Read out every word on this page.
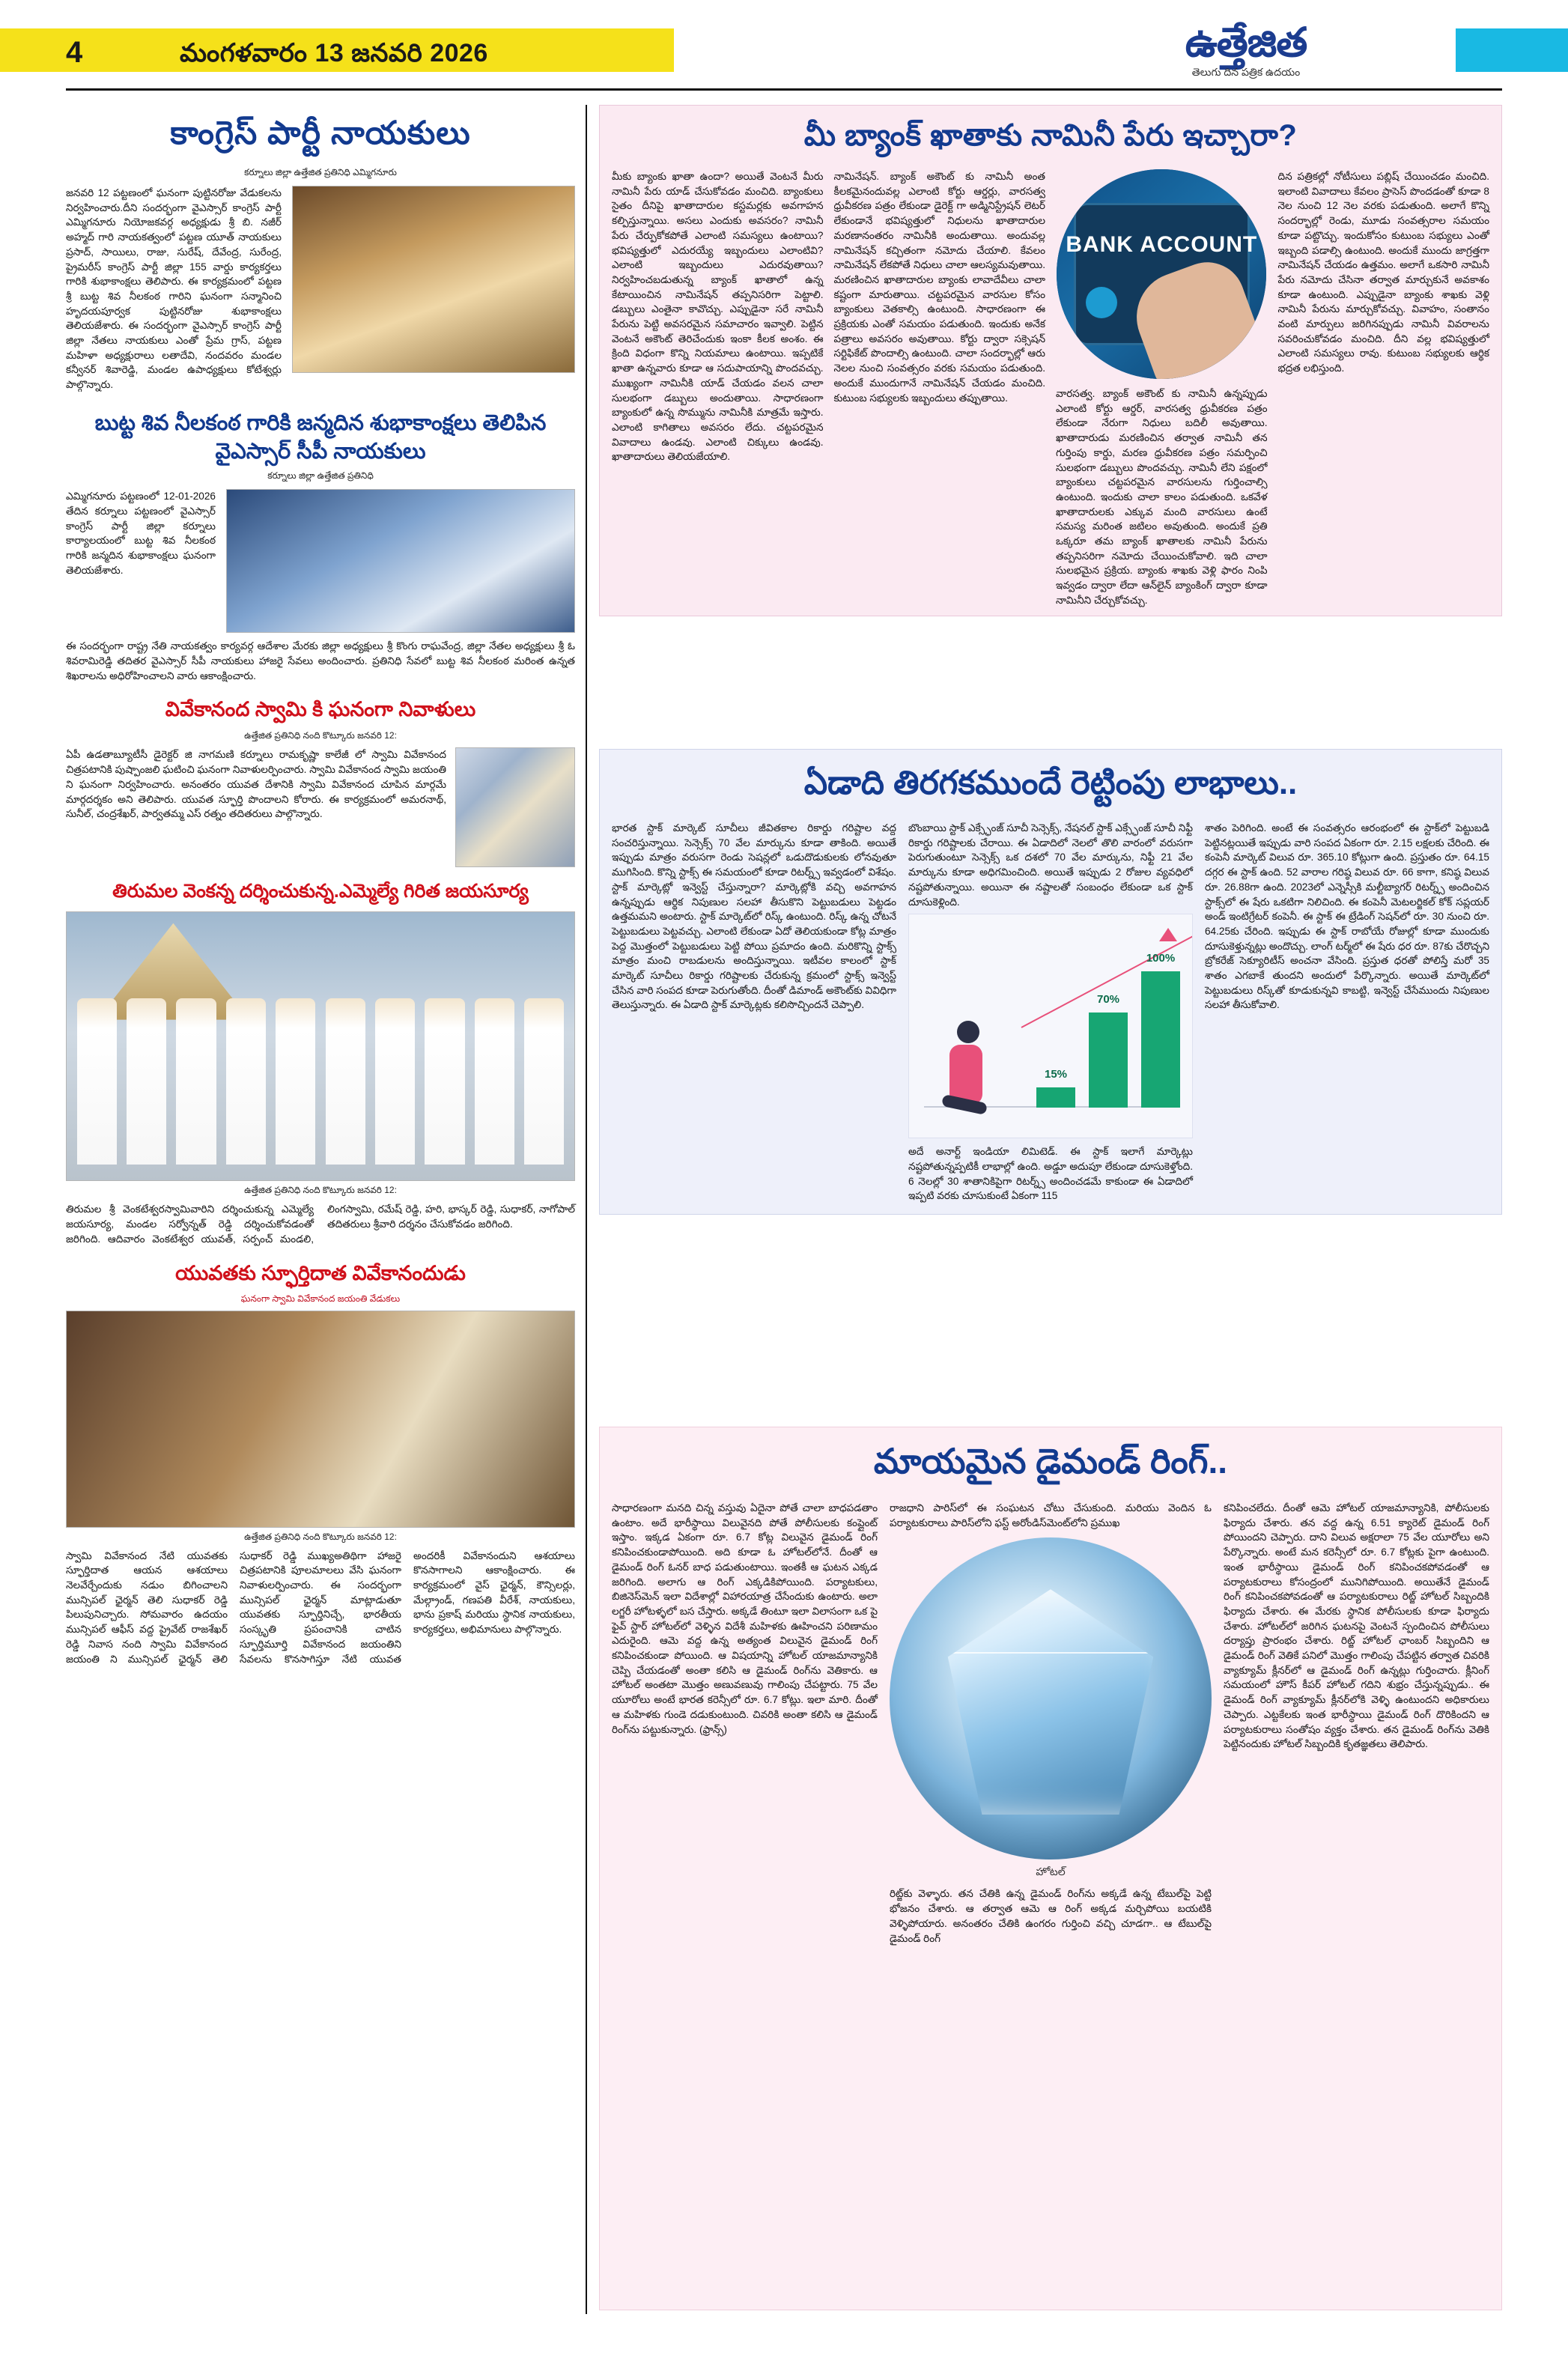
4	మంగళవారం 13 జనవరి 2026	ఉత్తేజిత
తెలుగు దిన పత్రిక ఉదయం
కాంగ్రెస్ పార్టీ నాయకులు
కర్నూలు జిల్లా ఉత్తేజిత ప్రతినిధి ఎమ్మిగనూరు
జనవరి 12 పట్టణంలో ఘనంగా పుట్టినరోజు వేడుకలను నిర్వహించారు.దీని సందర్భంగా వైఎస్సార్ కాంగ్రెస్ పార్టీ ఎమ్మిగనూరు నియోజకవర్గ అధ్యక్షుడు శ్రీ బి. నజీర్ అహ్మద్ గారి నాయకత్వంలో పట్టణ యూత్ నాయకులు ప్రసాద్, సాయిలు, రాజు, సురేష్, దేవేంద్ర, సురేంద్ర, ప్రైమరీస్ కాంగ్రెస్ పార్టీ జిల్లా 155 వార్డు కార్యకర్తలు గారికి శుభాకాంక్షలు తెలిపారు. ఈ కార్యక్రమంలో పట్టణ శ్రీ బుట్ట శివ నీలకంఠ గారిని ఘనంగా సన్మానించి హృదయపూర్వక పుట్టినరోజు శుభాకాంక్షలు తెలియజేశారు. ఈ సందర్భంగా వైఎస్సార్ కాంగ్రెస్ పార్టీ జిల్లా నేతలు నాయకులు ఎంతో ప్రేమ గ్రాస్, పట్టణ మహిళా అధ్యక్షురాలు లతాదేవి, నందవరం మండల కన్వీనర్ శివారెడ్డి, మండల ఉపాధ్యక్షులు కోటేశ్వర్లు పాల్గొన్నారు.
బుట్ట శివ నీలకంఠ గారికి జన్మదిన శుభాకాంక్షలు తెలిపిన వైఎస్సార్ సీపీ నాయకులు
కర్నూలు జిల్లా ఉత్తేజిత ప్రతినిధి
ఎమ్మిగనూరు పట్టణంలో 12-01-2026 తేదిన కర్నూలు పట్టణంలో వైఎస్సార్ కాంగ్రెస్ పార్టీ జిల్లా కర్నూలు కార్యాలయంలో బుట్ట శివ నీలకంఠ గారికి జన్మదిన శుభాకాంక్షలు ఘనంగా తెలియజేశారు.
ఈ సందర్భంగా రాష్ట్ర నేతి నాయకత్వం కార్యవర్గ ఆదేశాల మేరకు జిల్లా అధ్యక్షులు శ్రీ కొంగు రాఘవేంద్ర, జిల్లా నేతల అధ్యక్షులు శ్రీ ఓ శివరామిరెడ్డి తదితర వైఎస్సార్ సీపీ నాయకులు హాజరై సేవలు అందించారు. ప్రతినిధి సేవలో బుట్ట శివ నీలకంఠ మరింత ఉన్నత శిఖరాలను అధిరోహించాలని వారు ఆకాంక్షించారు.
వివేకానంద స్వామి కి ఘనంగా నివాళులు
ఉత్తేజిత ప్రతినిధి నంది కొట్కూరు జనవరి 12:
ఏపీ ఉడతాబ్యూటీసీ డైరెక్టర్ జి నాగమణి కర్నూలు రామకృష్ణా కాలేజీ లో స్వామి వివేకానంద చిత్రపటానికి పుష్పాంజలి ఘటించి ఘనంగా నివాళులర్పించారు. స్వామి వివేకానంద స్వామి జయంతి ని ఘనంగా నిర్వహించారు. అనంతరం యువత దేశానికి స్వామి వివేకానంద చూపిన మార్గమే మార్గదర్శకం అని తెలిపారు. యువత స్ఫూర్తి పొందాలని కోరారు. ఈ కార్యక్రమంలో అమరనాథ్, సునీల్, చంద్రశేఖర్, పార్వతమ్మ ఎస్ రత్నం తదితరులు పాల్గొన్నారు.
తిరుమల వెంకన్న దర్శించుకున్న.ఎమ్మెల్యే గిరిత జయసూర్య
ఉత్తేజిత ప్రతినిధి నంది కొట్కూరు జనవరి 12:
తిరుమల శ్రీ వెంకటేశ్వరస్వామివారిని దర్శించుకున్న ఎమ్మెల్యే జయసూర్య, మండల సర్వోన్నత్ రెడ్డి దర్శించుకోవడంతో జరిగింది. ఆదివారం వెంకటేశ్వర యువత్, సర్పంచ్ మండలి, లింగస్వామి, రమేష్ రెడ్డి, హరి, భాస్కర్ రెడ్డి, సుధాకర్, నాగోపాల్ తదితరులు శ్రీవారి దర్శనం చేసుకోవడం జరిగింది.
యువతకు స్ఫూర్తిదాత వివేకానందుడు
ఘనంగా స్వామి వివేకానంద జయంతి వేడుకలు
ఉత్తేజిత ప్రతినిధి నంది కొట్కూరు జనవరి 12:
స్వామి వివేకానంద నేటి యువతకు స్ఫూర్తిదాత ఆయన ఆశయాలు నెలవేర్చేందుకు నడుం బిగించాలని మున్సిపల్ ఛైర్మన్ తెలి సుధాకర్ రెడ్డి పిలుపునిచ్చారు. సోమవారం ఉదయం మున్సిపల్ ఆఫీస్ వద్ద ప్రైవేట్ రాజశేఖర్ రెడ్డి నివాస నంది స్వామి వివేకానంద జయంతి ని మున్సిపల్ ఛైర్మన్ తెలి సుధాకర్ రెడ్డి ముఖ్యఅతిథిగా హాజరై చిత్రపటానికి పూలమాలలు వేసి ఘనంగా నివాళులర్పించారు. ఈ సందర్భంగా మున్సిపల్ ఛైర్మన్ మాట్లాడుతూ యువతకు స్ఫూర్తినిచ్చే, భారతీయ సంస్కృతి ప్రపంచానికి చాటిన స్ఫూర్తిమూర్తి వివేకానంద జయంతిని సేవలను కొనసాగిస్తూ నేటి యువత అందరికీ వివేకానందుని ఆశయాలు కొనసాగాలని ఆకాంక్షించారు. ఈ కార్యక్రమంలో వైస్ ఛైర్మన్, కౌన్సిలర్లు, మేల్గ్రాండ్, గణపతి వీరేశ్, నాయకులు, భాను ప్రకాష్ మరియు స్థానిక నాయకులు, కార్యకర్తలు, అభిమానులు పాల్గొన్నారు.
మీ బ్యాంక్ ఖాతాకు నామినీ పేరు ఇచ్చారా?
మీకు బ్యాంకు ఖాతా ఉందా? అయితే వెంటనే మీరు నామినీ పేరు యాడ్ చేసుకోవడం మంచిది. బ్యాంకులు సైతం దీనిపై ఖాతాదారుల కస్టమర్లకు అవగాహన కల్పిస్తున్నాయి. అసలు ఎందుకు అవసరం? నామినీ పేరు చేర్పుకోకపోతే ఎలాంటి సమస్యలు ఉంటాయి? భవిష్యత్తులో ఎదురయ్యే ఇబ్బందులు ఎలాంటివి? ఎలాంటి ఇబ్బందులు ఎదురవుతాయి? నిర్వహించబడుతున్న బ్యాంక్ ఖాతాలో ఉన్న కేటాయించిన నామినేషన్ తప్పనిసరిగా పెట్టాలి. డబ్బులు ఎంతైనా కావొచ్చు. ఎప్పుడైనా సరే నామినీ పేరును పెట్టి అవసరమైన సమాచారం ఇవ్వాలి. పెట్టిన వెంటనే అకౌంట్ తెరిచేందుకు ఇంకా కీలక అంశం. ఈ క్రింది విధంగా కొన్ని నియమాలు ఉంటాయి. ఇప్పటికే ఖాతా ఉన్నవారు కూడా ఆ సదుపాయాన్ని పొందవచ్చు. ముఖ్యంగా నామినీకి యాడ్ చేయడం వలన చాలా సులభంగా డబ్బులు అందుతాయి. సాధారణంగా బ్యాంకులో ఉన్న సొమ్మును నామినీకి మాత్రమే ఇస్తారు. ఎలాంటి కాగితాలు అవసరం లేదు. చట్టపరమైన వివాదాలు ఉండవు. ఎలాంటి చిక్కులు ఉండవు. ఖాతాదారులు తెలియజేయాలి.
నామినేషన్. బ్యాంక్ అకౌంట్ కు నామినీ అంత కీలకమైనందువల్ల ఎలాంటి కోర్టు ఆర్డర్లు, వారసత్వ ధ్రువీకరణ పత్రం లేకుండా డైరెక్ట్ గా అడ్మినిస్ట్రేషన్ లెటర్ లేకుండానే భవిష్యత్తులో నిధులను ఖాతాదారుల మరణానంతరం నామినీకి అందుతాయి. అందువల్ల నామినేషన్ కచ్చితంగా నమోదు చేయాలి. కేవలం నామినేషన్ లేకపోతే నిధులు చాలా ఆలస్యమవుతాయి. మరణించిన ఖాతాదారుల బ్యాంకు లావాదేవీలు చాలా కష్టంగా మారుతాయి. చట్టపరమైన వారసుల కోసం బ్యాంకులు వెతకాల్సి ఉంటుంది. సాధారణంగా ఈ ప్రక్రియకు ఎంతో సమయం పడుతుంది. ఇందుకు అనేక పత్రాలు అవసరం అవుతాయి. కోర్టు ద్వారా సక్సెషన్ సర్టిఫికేట్ పొందాల్సి ఉంటుంది. చాలా సందర్భాల్లో ఆరు నెలల నుంచి సంవత్సరం వరకు సమయం పడుతుంది. అందుకే ముందుగానే నామినేషన్ చేయడం మంచిది. కుటుంబ సభ్యులకు ఇబ్బందులు తప్పుతాయి.
BANK ACCOUNT
వారసత్వ. బ్యాంక్ అకౌంట్ కు నామినీ ఉన్నప్పుడు ఎలాంటి కోర్టు ఆర్డర్, వారసత్వ ధ్రువీకరణ పత్రం లేకుండా నేరుగా నిధులు బదిలీ అవుతాయి. ఖాతాదారుడు మరణించిన తర్వాత నామినీ తన గుర్తింపు కార్డు, మరణ ధ్రువీకరణ పత్రం సమర్పించి సులభంగా డబ్బులు పొందవచ్చు. నామినీ లేని పక్షంలో బ్యాంకులు చట్టపరమైన వారసులను గుర్తించాల్సి ఉంటుంది. ఇందుకు చాలా కాలం పడుతుంది. ఒకవేళ ఖాతాదారులకు ఎక్కువ మంది వారసులు ఉంటే సమస్య మరింత జటిలం అవుతుంది. అందుకే ప్రతి ఒక్కరూ తమ బ్యాంక్ ఖాతాలకు నామినీ పేరును తప్పనిసరిగా నమోదు చేయించుకోవాలి. ఇది చాలా సులభమైన ప్రక్రియ. బ్యాంకు శాఖకు వెళ్లి ఫారం నింపి ఇవ్వడం ద్వారా లేదా ఆన్‌లైన్ బ్యాంకింగ్ ద్వారా కూడా నామినీని చేర్చుకోవచ్చు.
దిన పత్రికల్లో నోటీసులు పబ్లిష్ చేయించడం మంచిది. ఇలాంటి వివాదాలు కేవలం ప్రాసెస్ పొందడంతో కూడా 8 నెల నుంచి 12 నెల వరకు పడుతుంది. అలాగే కొన్ని సందర్భాల్లో రెండు, మూడు సంవత్సరాల సమయం కూడా పట్టొచ్చు. ఇందుకోసం కుటుంబ సభ్యులు ఎంతో ఇబ్బంది పడాల్సి ఉంటుంది. అందుకే ముందు జాగ్రత్తగా నామినేషన్ చేయడం ఉత్తమం. అలాగే ఒకసారి నామినీ పేరు నమోదు చేసినా తర్వాత మార్చుకునే అవకాశం కూడా ఉంటుంది. ఎప్పుడైనా బ్యాంకు శాఖకు వెళ్లి నామినీ పేరును మార్చుకోవచ్చు. వివాహం, సంతానం వంటి మార్పులు జరిగినప్పుడు నామినీ వివరాలను సవరించుకోవడం మంచిది. దీని వల్ల భవిష్యత్తులో ఎలాంటి సమస్యలు రావు. కుటుంబ సభ్యులకు ఆర్థిక భద్రత లభిస్తుంది.
ఏడాది తిరగకముందే రెట్టింపు లాభాలు..
భారత స్టాక్ మార్కెట్ సూచీలు జీవితకాల రికార్డు గరిష్టాల వద్ద సంచరిస్తున్నాయి. సెన్సెక్స్ 70 వేల మార్కును కూడా తాకింది. అయితే ఇప్పుడు మాత్రం వరుసగా రెండు సెషన్లలో ఒడుదొడుకులకు లోనవుతూ ముగిసింది. కొన్ని స్టాక్స్ ఈ సమయంలో కూడా రిటర్న్స్ ఇవ్వడంలో విశేషం. స్టాక్ మార్కెట్లో ఇన్వెస్ట్ చేస్తున్నారా? మార్కెట్లోకి వచ్చి అవగాహన ఉన్నప్పుడు ఆర్థిక నిపుణుల సలహా తీసుకొని పెట్టుబడులు పెట్టడం ఉత్తమమని అంటారు. స్టాక్ మార్కెట్‌లో రిస్క్ ఉంటుంది. రిస్క్ ఉన్న చోటనే పెట్టుబడులు పెట్టవచ్చు. ఎలాంటి లేకుండా ఏదో తెలియకుండా కోట్ల మాత్రం పెద్ద మొత్తంలో పెట్టుబడులు పెట్టి పోయి ప్రమాదం ఉంది. మరికొన్ని స్టాక్స్ మాత్రం మంచి రాబడులను అందిస్తున్నాయి. ఇటీవల కాలంలో స్టాక్ మార్కెట్ సూచీలు రికార్డు గరిష్టాలకు చేరుకున్న క్రమంలో స్టాక్స్ ఇన్వెస్ట్ చేసిన వారి సంపద కూడా పెరుగుతోంది. దీంతో డిమాండ్ అకౌంట్‌కు వివిధిగా తెలుస్తున్నారు. ఈ ఏడాది స్టాక్ మార్కెట్లకు కలిసొచ్చిందనే చెప్పాలి.
బొంబాయి స్టాక్ ఎక్స్ఛేంజ్ సూచీ సెన్సెక్స్, నేషనల్ స్టాక్ ఎక్స్ఛేంజ్ సూచీ నిఫ్టీ రికార్డు గరిష్టాలకు చేరాయి. ఈ ఏడాదిలో నెలలో తొలి వారంలో వరుసగా పెరుగుతుంటూ సెన్సెక్స్ ఒక దశలో 70 వేల మార్కును, నిఫ్టీ 21 వేల మార్కును కూడా అధిగమించింది. అయితే ఇప్పుడు 2 రోజుల వ్యవధిలో నష్టపోతున్నాయి. అయినా ఈ నష్టాలతో సంబంధం లేకుండా ఒక స్టాక్ దూసుకెళ్లింది.
15%
70%
100%
అదే అనార్ట్ ఇండియా లిమిటెడ్. ఈ స్టాక్ ఇలాగే మార్కెట్లు నష్టపోతున్నప్పటికీ లాభాల్లో ఉంది. అడ్డూ అదుపూ లేకుండా దూసుకెళ్తోంది. 6 నెలల్లో 30 శాతానికిపైగా రిటర్న్స్ అందించడమే కాకుండా ఈ ఏడాదిలో ఇప్పటి వరకు చూసుకుంటే ఏకంగా 115
శాతం పెరిగింది. అంటే ఈ సంవత్సరం ఆరంభంలో ఈ స్టాక్‌లో పెట్టుబడి పెట్టినట్లయితే ఇప్పుడు వారి సంపద ఏకంగా రూ. 2.15 లక్షలకు చేరింది. ఈ కంపెనీ మార్కెట్ విలువ రూ. 365.10 కోట్లుగా ఉంది. ప్రస్తుతం రూ. 64.15 దగ్గర ఈ స్టాక్ ఉంది. 52 వారాల గరిష్ఠ విలువ రూ. 66 కాగా, కనిష్ఠ విలువ రూ. 26.88గా ఉంది. 2023లో ఎన్నెస్సీకి మల్టీబ్యాగర్ రిటర్న్స్ అందించిన స్టాక్స్‌లో ఈ షేరు ఒకటిగా నిలిచింది. ఈ కంపెనీ మెటలర్జికల్ కోక్ సప్లయర్ అండ్ ఇంటిగ్రేటర్ కంపెనీ. ఈ స్టాక్ ఈ ట్రేడింగ్ సెషన్‌లో రూ. 30 నుంచి రూ. 64.25కు చేరింది. ఇప్పుడు ఈ స్టాక్ రాబోయే రోజుల్లో కూడా ముందుకు దూసుకెళ్తున్నట్లు అందొచ్చు. లాంగ్ టర్మ్‌లో ఈ షేరు ధర రూ. 87కు చేరొచ్చని బ్రోకరేజ్ సెక్యూరిటీస్ అంచనా వేసింది. ప్రస్తుత ధరతో పోలిస్తే మరో 35 శాతం ఎగబాకే తుందని అందులో పేర్కొన్నారు. అయితే మార్కెట్‌లో పెట్టుబడులు రిస్క్‌తో కూడుకున్నవి కాబట్టి, ఇన్వెస్ట్ చేసేముందు నిపుణుల సలహా తీసుకోవాలి.
మాయమైన డైమండ్ రింగ్..
సాధారణంగా మనది చిన్న వస్తువు ఏదైనా పోతే చాలా బాధపడతాం ఉంటాం. అదే భారీస్థాయి విలువైనది పోతే పోలీసులకు కంప్లైంట్ ఇస్తాం. ఇక్కడ ఏకంగా రూ. 6.7 కోట్ల విలువైన డైమండ్ రింగ్ కనిపించకుండాపోయింది. అది కూడా ఓ హోటల్‌లోనే. దీంతో ఆ డైమండ్ రింగ్ ఓనర్ బాధ పడుతుంటాయి. ఇంతకీ ఆ ఘటన ఎక్కడ జరిగింది. అలాగు ఆ రింగ్ ఎక్కడికిపోయింది. పర్యాటకులు, బిజినెస్‌మెన్ ఇలా విదేశాల్లో విహారయాత్ర చేసేందుకు ఉంటారు. అలా లగ్జరీ హోటళ్ళలో బస చేస్తారు. అక్కడే తింటూ ఇలా విలాసంగా ఒక పై ఫైవ్ స్టార్ హోటల్‌లో వెళ్ళిన విదేశీ మహిళకు ఊహించని పరిణామం ఎదురైంది. ఆమె వద్ద ఉన్న అత్యంత విలువైన డైమండ్ రింగ్ కనిపించకుండా పోయింది. ఆ విషయాన్ని హోటల్ యాజమాన్యానికి చెప్పి చేయడంతో అంతా కలిసి ఆ డైమండ్ రింగ్‌ను వెతికారు. ఆ హోటల్ అంతటా మొత్తం అణువణువు గాలింపు చేపట్టారు. 75 వేల యూరోలు అంటే భారత కరెన్సీలో రూ. 6.7 కోట్లు. ఇలా మారి. దీంతో ఆ మహిళకు గుండె దడుకుంటుంది. చివరికి అంతా కలిసి ఆ డైమండ్ రింగ్‌ను పట్టుకున్నారు. (ఫ్రాన్స్)
రాజధాని పారిస్‌లో ఈ సంఘటన చోటు చేసుకుంది. మరియు వెందిన ఓ పర్యాటకురాలు పారిస్‌లోని ఫస్ట్ అరోండిస్‌మెంట్‌లోని ప్రముఖ
హోటల్
రిట్జ్‌కు వెళ్ళారు. తన చేతికి ఉన్న డైమండ్ రింగ్‌ను అక్కడే ఉన్న టేబుల్‌పై పెట్టి భోజనం చేశారు. ఆ తర్వాత ఆమె ఆ రింగ్ అక్కడ మర్చిపోయి బయటికి వెళ్ళిపోయారు. అనంతరం చేతికి ఉంగరం గుర్తించి వచ్చి చూడగా.. ఆ టేబుల్‌పై డైమండ్ రింగ్
కనిపించలేదు. దీంతో ఆమె హోటల్ యాజమాన్యానికి, పోలీసులకు ఫిర్యాదు చేశారు. తన వద్ద ఉన్న 6.51 క్యారెట్ డైమండ్ రింగ్ పోయిందని చెప్పారు. దాని విలువ అక్షరాలా 75 వేల యూరోలు అని పేర్కొన్నారు. అంటే మన కరెన్సీలో రూ. 6.7 కోట్లకు పైగా ఉంటుంది. ఇంత భారీస్థాయి డైమండ్ రింగ్ కనిపించకపోవడంతో ఆ పర్యాటకురాలు కోసంద్రంలో మునిగిపోయింది. అయితేనే డైమండ్ రింగ్ కనిపించకపోవడంతో ఆ పర్యాటకురాలు రిట్జ్ హోటల్ సిబ్బందికి ఫిర్యాదు చేశారు. ఈ మేరకు స్థానిక పోలీసులకు కూడా ఫిర్యాదు చేశారు. హోటల్‌లో జరిగిన ఘటనపై వెంటనే స్పందించిన పోలీసులు దర్యాప్తు ప్రారంభం చేశారు. రిట్జ్ హోటల్ ఛాంబర్ సిబ్బందిని ఆ డైమండ్ రింగ్ వెతికే పనిలో మొత్తం గాలింపు చేపట్టిన తర్వాత చివరికి వ్యాక్యూమ్ క్లీనర్‌లో ఆ డైమండ్ రింగ్ ఉన్నట్లు గుర్తించారు. క్లీనింగ్ సమయంలో హౌస్ కీపర్ హోటల్ గదిని శుభ్రం చేస్తున్నప్పుడు.. ఈ డైమండ్ రింగ్ వ్యాక్యూమ్ క్లీనర్‌లోకి వెళ్ళి ఉంటుందని అధికారులు చెప్పారు. ఎట్టకేలకు ఇంత భారీస్థాయి డైమండ్ రింగ్ దొరికిందని ఆ పర్యాటకురాలు సంతోషం వ్యక్తం చేశారు. తన డైమండ్ రింగ్‌ను వెతికి పెట్టినందుకు హోటల్ సిబ్బందికి కృతజ్ఞతలు తెలిపారు.
